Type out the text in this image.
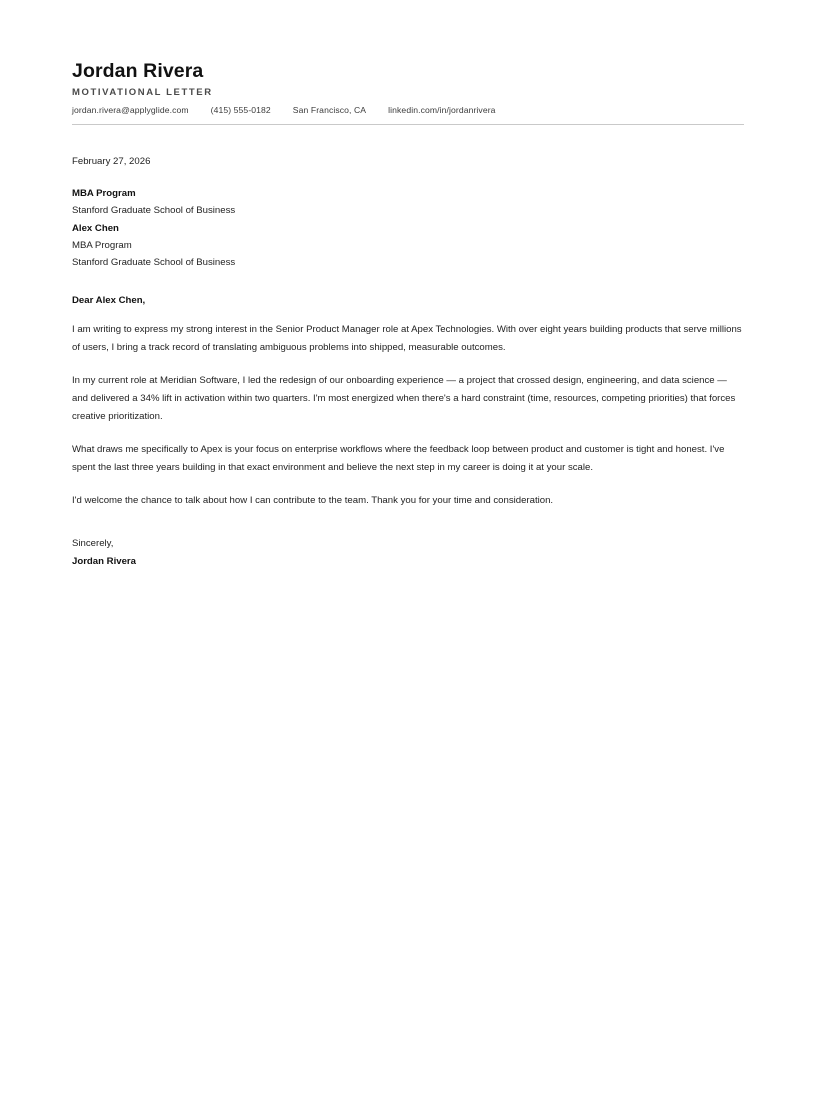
Jordan Rivera
MOTIVATIONAL LETTER
jordan.rivera@applyglide.com	(415) 555-0182	San Francisco, CA	linkedin.com/in/jordanrivera
February 27, 2026
MBA Program
Stanford Graduate School of Business
Alex Chen
MBA Program
Stanford Graduate School of Business
Dear Alex Chen,

I am writing to express my strong interest in the Senior Product Manager role at Apex Technologies. With over eight years building products that serve millions of users, I bring a track record of translating ambiguous problems into shipped, measurable outcomes.

In my current role at Meridian Software, I led the redesign of our onboarding experience — a project that crossed design, engineering, and data science — and delivered a 34% lift in activation within two quarters. I'm most energized when there's a hard constraint (time, resources, competing priorities) that forces creative prioritization.

What draws me specifically to Apex is your focus on enterprise workflows where the feedback loop between product and customer is tight and honest. I've spent the last three years building in that exact environment and believe the next step in my career is doing it at your scale.

I'd welcome the chance to talk about how I can contribute to the team. Thank you for your time and consideration.

Sincerely,
Jordan Rivera
